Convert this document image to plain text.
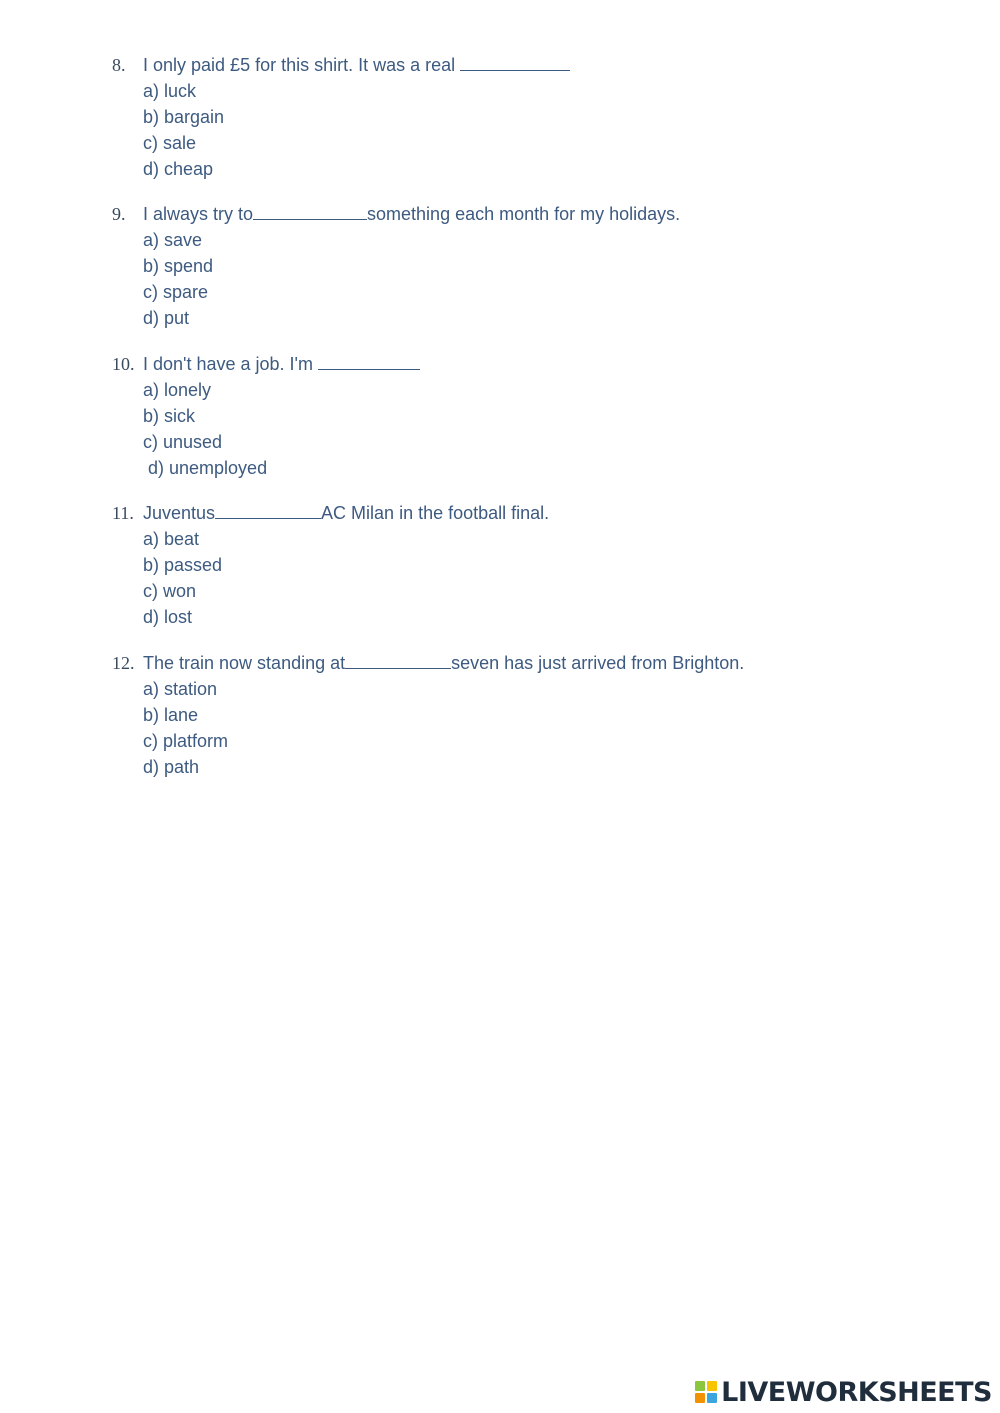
8. I only paid £5 for this shirt. It was a real
a) luck
b) bargain
c) sale
d) cheap
9. I always try to	something each month for my holidays.
a) save
b) spend
c) spare
d) put
10. I don't have a job. I'm
a) lonely
b) sick
c) unused
d) unemployed
11. Juventus	AC Milan in the football final.
a) beat
b) passed
c) won
d) lost
12. The train now standing at	seven has just arrived from Brighton.
a) station
b) lane
c) platform
d) path
LIVEWORKSHEETS
